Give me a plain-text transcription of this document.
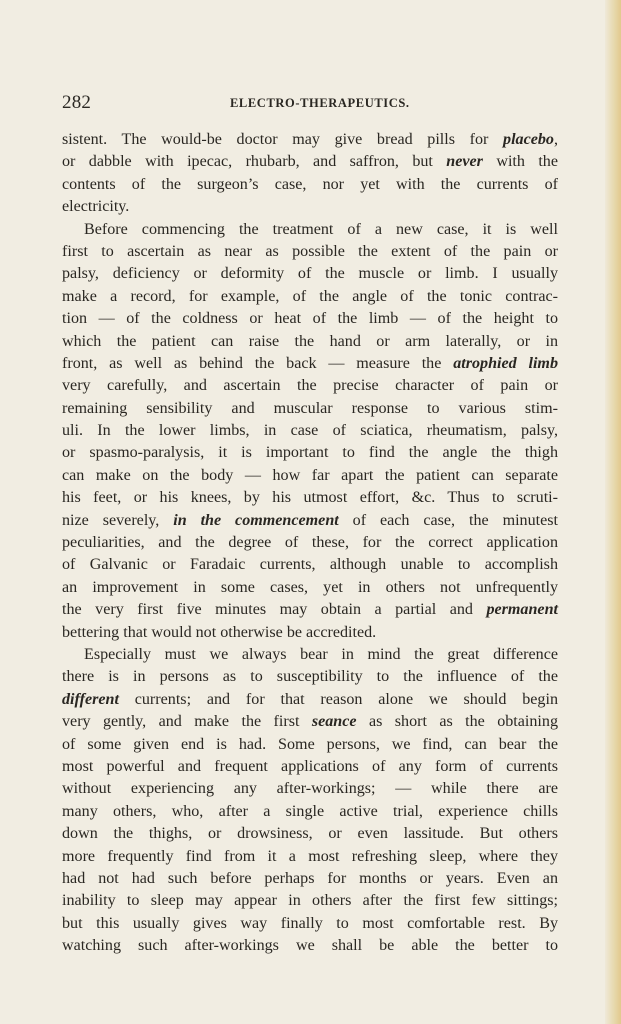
282	ELECTRO-THERAPEUTICS.
sistent. The would-be doctor may give bread pills for placebo,
or dabble with ipecac, rhubarb, and saffron, but never with the
contents of the surgeon’s case, nor yet with the currents of
electricity.
Before commencing the treatment of a new case, it is well
first to ascertain as near as possible the extent of the pain or
palsy, deficiency or deformity of the muscle or limb. I usually
make a record, for example, of the angle of the tonic contrac-
tion — of the coldness or heat of the limb — of the height to
which the patient can raise the hand or arm laterally, or in
front, as well as behind the back — measure the atrophied limb
very carefully, and ascertain the precise character of pain or
remaining sensibility and muscular response to various stim-
uli. In the lower limbs, in case of sciatica, rheumatism, palsy,
or spasmo-paralysis, it is important to find the angle the thigh
can make on the body — how far apart the patient can separate
his feet, or his knees, by his utmost effort, &c. Thus to scruti-
nize severely, in the commencement of each case, the minutest
peculiarities, and the degree of these, for the correct application
of Galvanic or Faradaic currents, although unable to accomplish
an improvement in some cases, yet in others not unfrequently
the very first five minutes may obtain a partial and permanent
bettering that would not otherwise be accredited.
Especially must we always bear in mind the great difference
there is in persons as to susceptibility to the influence of the
different currents; and for that reason alone we should begin
very gently, and make the first seance as short as the obtaining
of some given end is had. Some persons, we find, can bear the
most powerful and frequent applications of any form of currents
without experiencing any after-workings; — while there are
many others, who, after a single active trial, experience chills
down the thighs, or drowsiness, or even lassitude. But others
more frequently find from it a most refreshing sleep, where they
had not had such before perhaps for months or years. Even an
inability to sleep may appear in others after the first few sittings;
but this usually gives way finally to most comfortable rest. By
watching such after-workings we shall be able the better to
